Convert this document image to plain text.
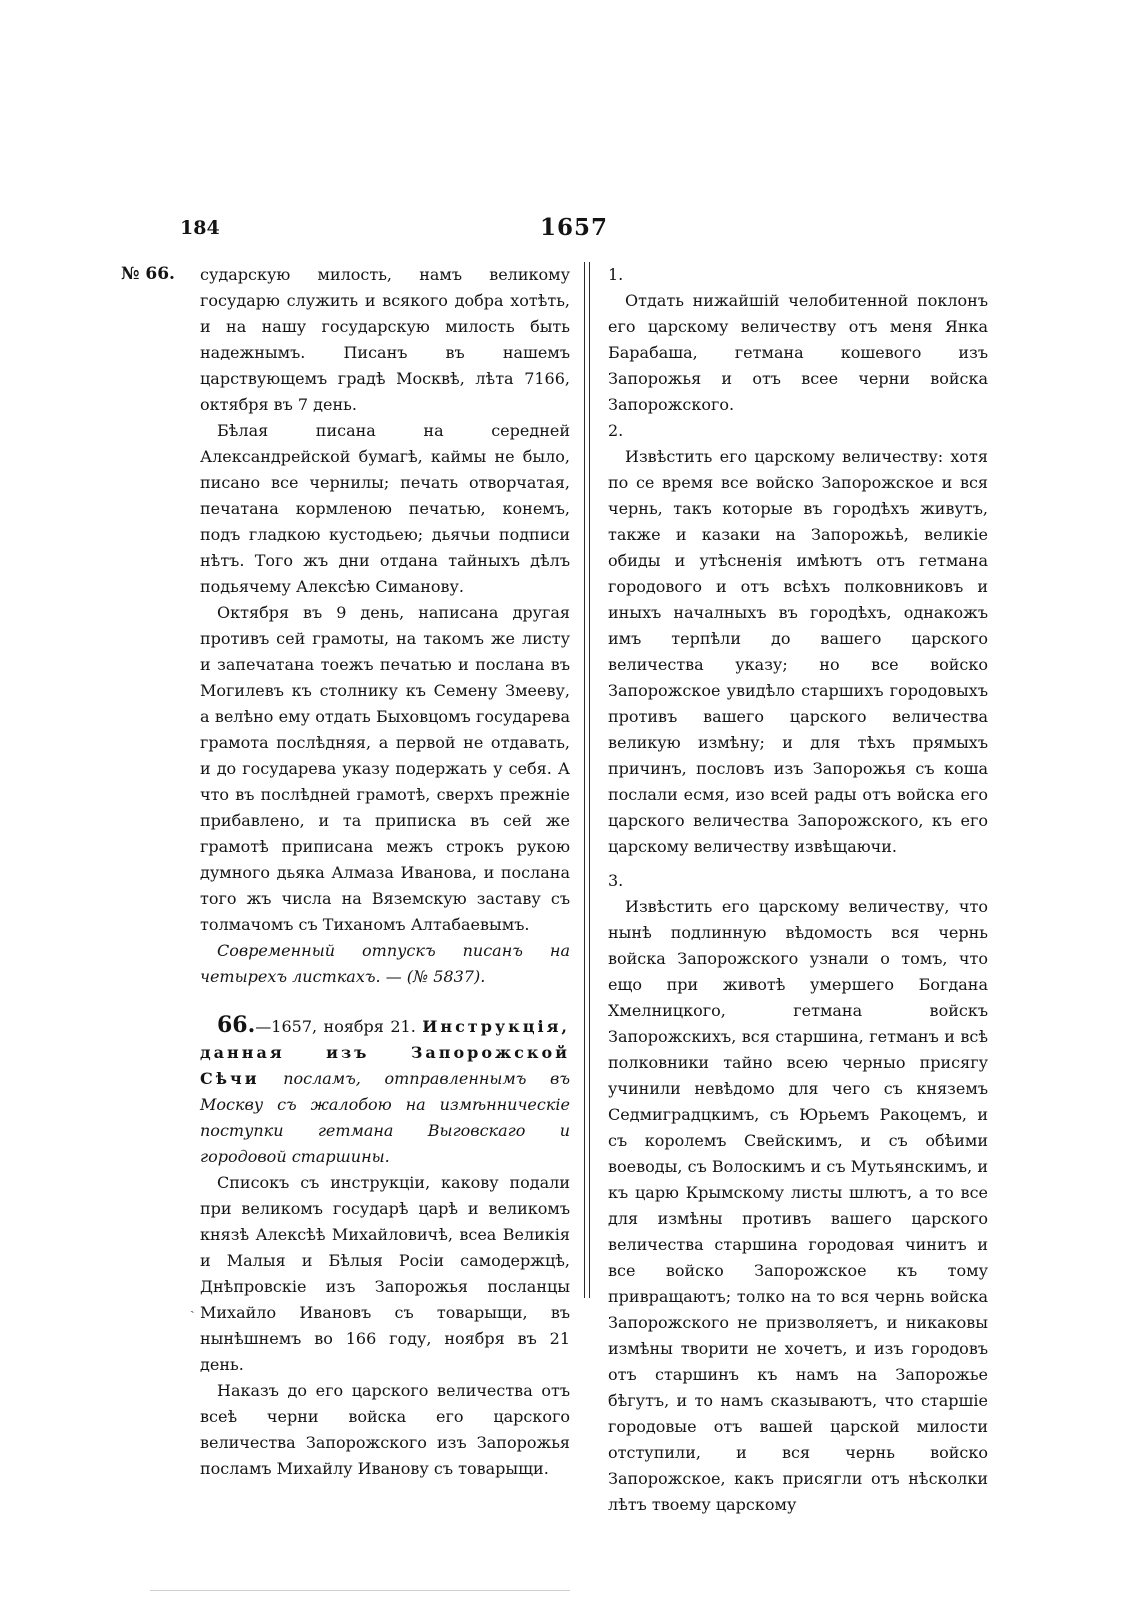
184	1657
№ 66. сударскую милость, намъ великому государю служить и всякого добра хотѣть, и на нашу государскую милость быть надежнымъ. Писанъ въ нашемъ царствующемъ градѣ Москвѣ, лѣта 7166, октября въ 7 день.

Бѣлая писана на середней Александрейской бумагѣ, каймы не было, писано все чернилы; печать отворчатая, печатана кормленою печатью, конемъ, подъ гладкою кустодьею; дьячьи подписи нѣтъ. Того жъ дни отдана тайныхъ дѣлъ подьячему Алексѣю Симанову.

Октября въ 9 день, написана другая противъ сей грамоты, на такомъ же листу и запечатана тоежъ печатью и послана въ Могилевъ къ столнику къ Семену Змееву, а велѣно ему отдать Быховцомъ государева грамота послѣдняя, а первой не отдавать, и до государева указу подержать у себя. А что въ послѣдней грамотѣ, сверхъ прежніе прибавлено, и та приписка въ сей же грамотѣ приписана межъ строкъ рукою думного дьяка Алмаза Иванова, и послана того жъ числа на Вяземскую заставу съ толмачомъ съ Тиханомъ Алтабаевымъ.

Современный отпускъ писанъ на четырехъ листкахъ. — (№ 5837).

66.—1657, ноября 21. Инструкція, данная изъ Запорожской Сѣчи посламъ, отправленнымъ въ Москву съ жалобою на измѣнническіе поступки гетмана Выговскаго и городовой старшины.

Списокъ съ инструкціи, какову подали при великомъ государѣ царѣ и великомъ князѣ Алексѣѣ Михайловичѣ, всеа Великія и Малыя и Бѣлыя Росіи самодержцѣ, Днѣпровскіе изъ Запорожья посланцы Михайло Ивановъ съ товарыщи, въ нынѣшнемъ во 166 году, ноября въ 21 день.

Наказъ до его царского величества отъ всеѣ черни войска его царского величества Запорожского изъ Запорожья посламъ Михайлу Иванову съ товарыщи.

1.

Отдать нижайшій челобитенной поклонъ его царскому величеству отъ меня Янка Барабаша, гетмана кошевого изъ Запорожья и отъ всее черни войска Запорожского.

2.

Извѣстить его царскому величеству: хотя по се время все войско Запорожское и вся чернь, такъ которые въ городѣхъ живутъ, также и казаки на Запорожьѣ, великіе обиды и утѣсненія имѣютъ отъ гетмана городового и отъ всѣхъ полковниковъ и иныхъ началныхъ въ городѣхъ, однакожъ имъ терпѣли до вашего царского величества указу; но все войско Запорожское увидѣло старшихъ городовыхъ противъ вашего царского величества великую измѣну; и для тѣхъ прямыхъ причинъ, пословъ изъ Запорожья съ коша послали есмя, изо всей рады отъ войска его царского величества Запорожского, къ его царскому величеству извѣщаючи.

3.

Извѣстить его царскому величеству, что нынѣ подлинную вѣдомость вся чернь войска Запорожского узнали о томъ, что ещо при животѣ умершего Богдана Хмелницкого, гетмана войскъ Запорожскихъ, вся старшина, гетманъ и всѣ полковники тайно всею черныо присягу учинили невѣдомо для чего съ княземъ Седмиградцкимъ, съ Юрьемъ Ракоцемъ, и съ королемъ Свейскимъ, и съ обѣими воеводы, съ Волоскимъ и съ Мутьянскимъ, и къ царю Крымскому листы шлютъ, а то все для измѣны противъ вашего царского величества старшина городовая чинитъ и все войско Запорожское къ тому привращаютъ; толко на то вся чернь войска Запорожского не призволяетъ, и никаковы измѣны творити не хочетъ, и изъ городовъ отъ старшинъ къ намъ на Запорожье бѣгутъ, и то намъ сказываютъ, что старшіе городовые отъ вашей царской милости отступили, и вся чернь войско Запорожское, какъ присягли отъ нѣсколки лѣтъ твоему царскому

ˏ
